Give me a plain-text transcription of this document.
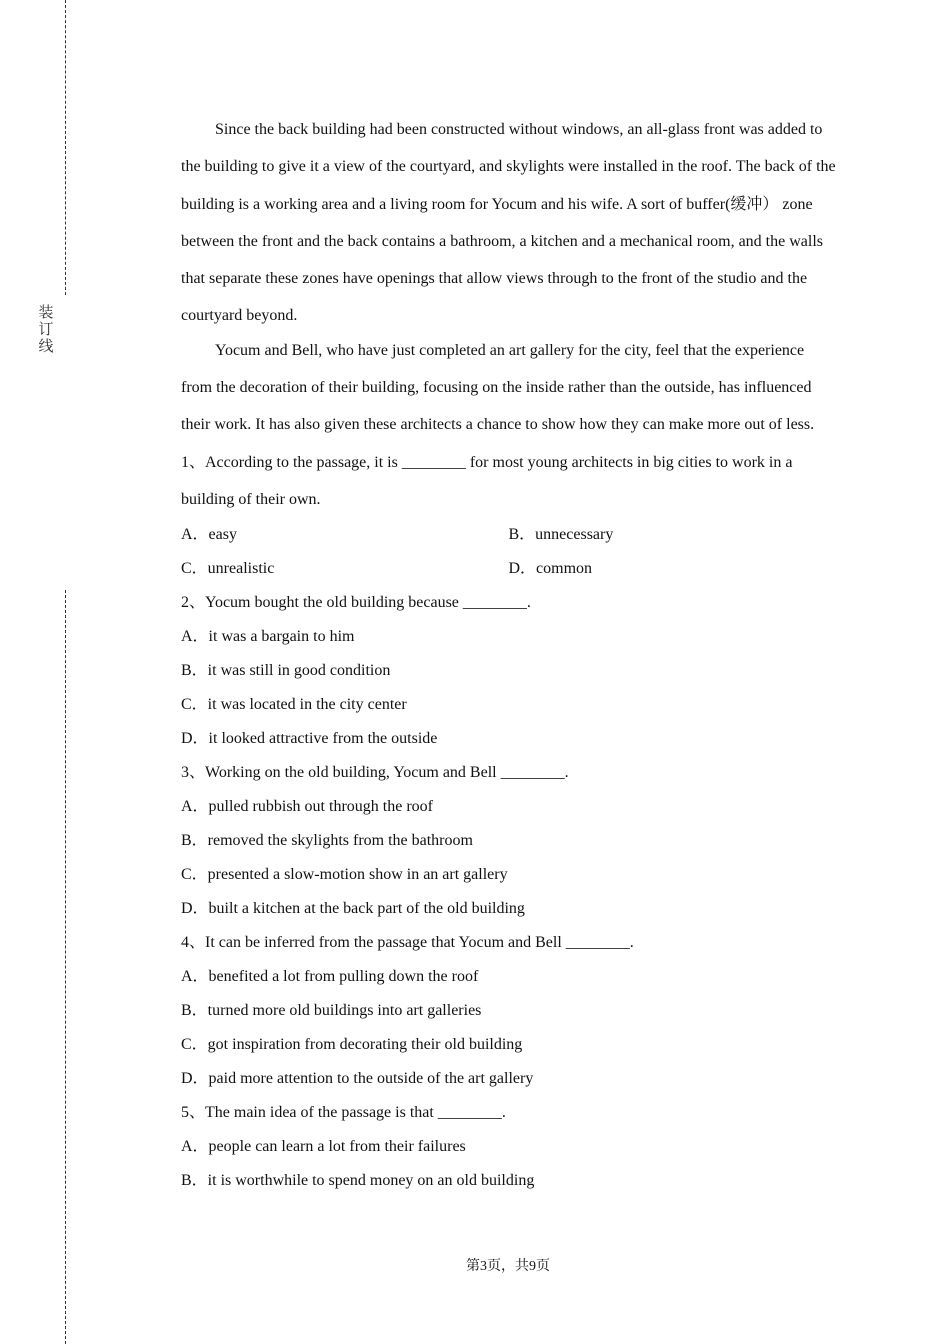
装
订
线

Since the back building had been constructed without windows, an all-glass front was added to the building to give it a view of the courtyard, and skylights were installed in the roof. The back of the building is a working area and a living room for Yocum and his wife. A sort of buffer(缓冲） zone between the front and the back contains a bathroom, a kitchen and a mechanical room, and the walls that separate these zones have openings that allow views through to the front of the studio and the courtyard beyond.

Yocum and Bell, who have just completed an art gallery for the city, feel that the experience from the decoration of their building, focusing on the inside rather than the outside, has influenced their work. It has also given these architects a chance to show how they can make more out of less.

1、According to the passage, it is ________ for most young architects in big cities to work in a building of their own.

A．easy	B．unnecessary
C．unrealistic	D．common

2、Yocum bought the old building because ________.

A．it was a bargain to him

B．it was still in good condition

C．it was located in the city center

D．it looked attractive from the outside

3、Working on the old building, Yocum and Bell ________.

A．pulled rubbish out through the roof

B．removed the skylights from the bathroom

C．presented a slow-motion show in an art gallery

D．built a kitchen at the back part of the old building

4、It can be inferred from the passage that Yocum and Bell ________.

A．benefited a lot from pulling down the roof

B．turned more old buildings into art galleries

C．got inspiration from decorating their old building

D．paid more attention to the outside of the art gallery

5、The main idea of the passage is that ________.

A．people can learn a lot from their failures

B．it is worthwhile to spend money on an old building

第3页，共9页
